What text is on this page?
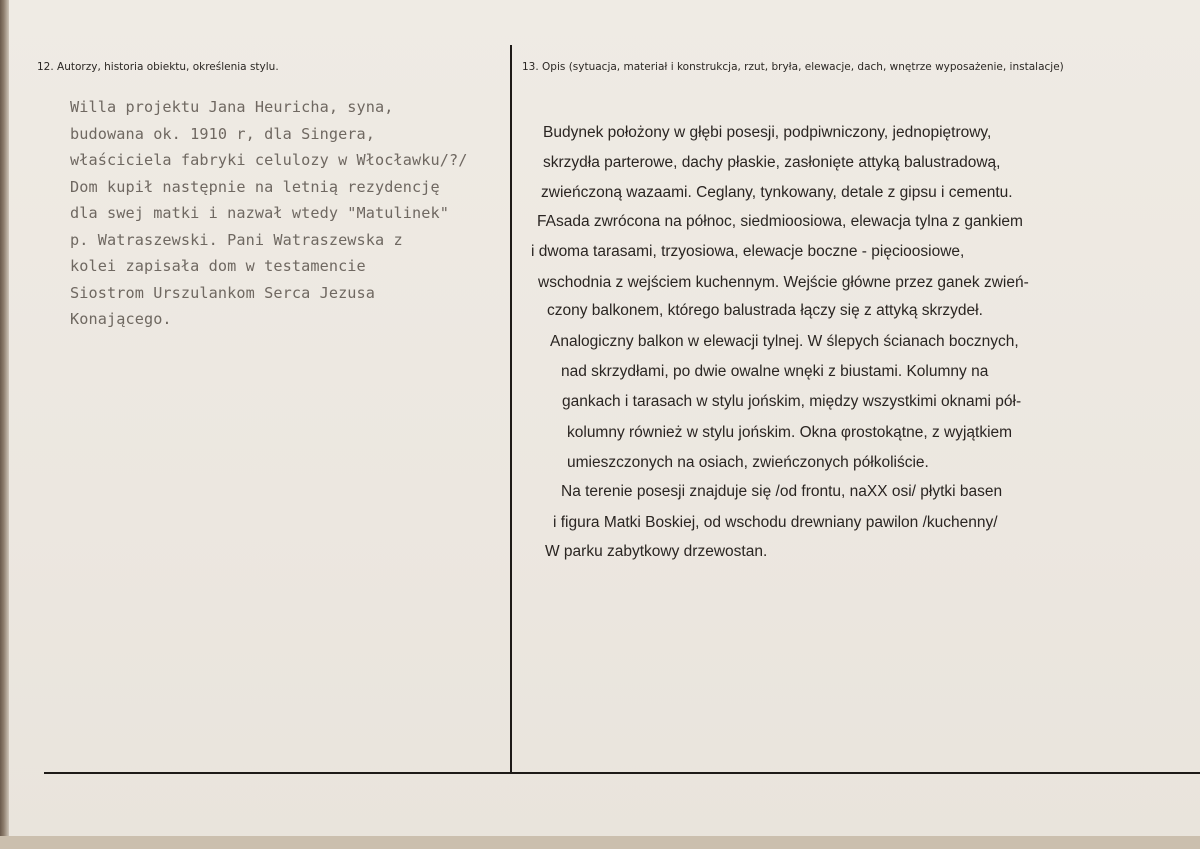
12. Autorzy, historia obiektu, określenia stylu.	13. Opis (sytuacja, materiał i konstrukcja, rzut, bryła, elewacje, dach, wnętrze wyposażenie, instalacje)
Willa projektu Jana Heuricha, syna,
budowana ok. 1910 r, dla Singera,
właściciela fabryki celulozy w Włocławku/?/
Dom kupił następnie na letnią rezydencję
dla swej matki i nazwał wtedy "Matulinek"
p. Watraszewski. Pani Watraszewska z
kolei zapisała dom w testamencie
Siostrom Urszulankom Serca Jezusa
Konającego.
Budynek położony w głębi posesji, podpiwniczony, jednopiętrowy,
skrzydła parterowe, dachy płaskie, zasłonięte attyką balustradową,
zwieńczoną wazaami. Ceglany, tynkowany, detale z gipsu i cementu.
FAsada zwrócona na północ, siedmioosiowa, elewacja tylna z gankiem
i dwoma tarasami, trzyosiowa, elewacje boczne - pięcioosiowe,
wschodnia z wejściem kuchennym. Wejście główne przez ganek zwień-
czony balkonem, którego balustrada łączy się z attyką skrzydeł.
Analogiczny balkon w elewacji tylnej. W ślepych ścianach bocznych,
nad skrzydłami, po dwie owalne wnęki z biustami. Kolumny na
gankach i tarasach w stylu jońskim, między wszystkimi oknami pół-
kolumny również w stylu jońskim. Okna φrostokątne, z wyjątkiem
umieszczonych na osiach, zwieńczonych półkoliście.
Na terenie posesji znajduje się /od frontu, naXX osi/ płytki basen
i figura Matki Boskiej, od wschodu drewniany pawilon /kuchenny/
W parku zabytkowy drzewostan.
